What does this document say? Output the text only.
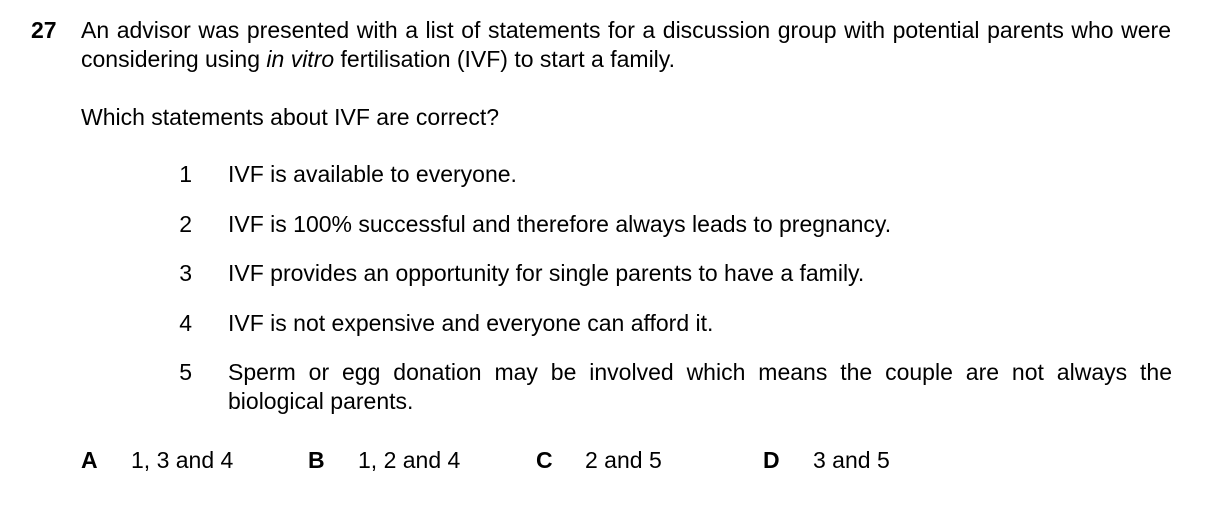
27 An advisor was presented with a list of statements for a discussion group with potential parents who were considering using in vitro fertilisation (IVF) to start a family.
Which statements about IVF are correct?
1 IVF is available to everyone.
2 IVF is 100% successful and therefore always leads to pregnancy.
3 IVF provides an opportunity for single parents to have a family.
4 IVF is not expensive and everyone can afford it.
5 Sperm or egg donation may be involved which means the couple are not always the biological parents.
A 1, 3 and 4	B 1, 2 and 4	C 2 and 5	D 3 and 5
